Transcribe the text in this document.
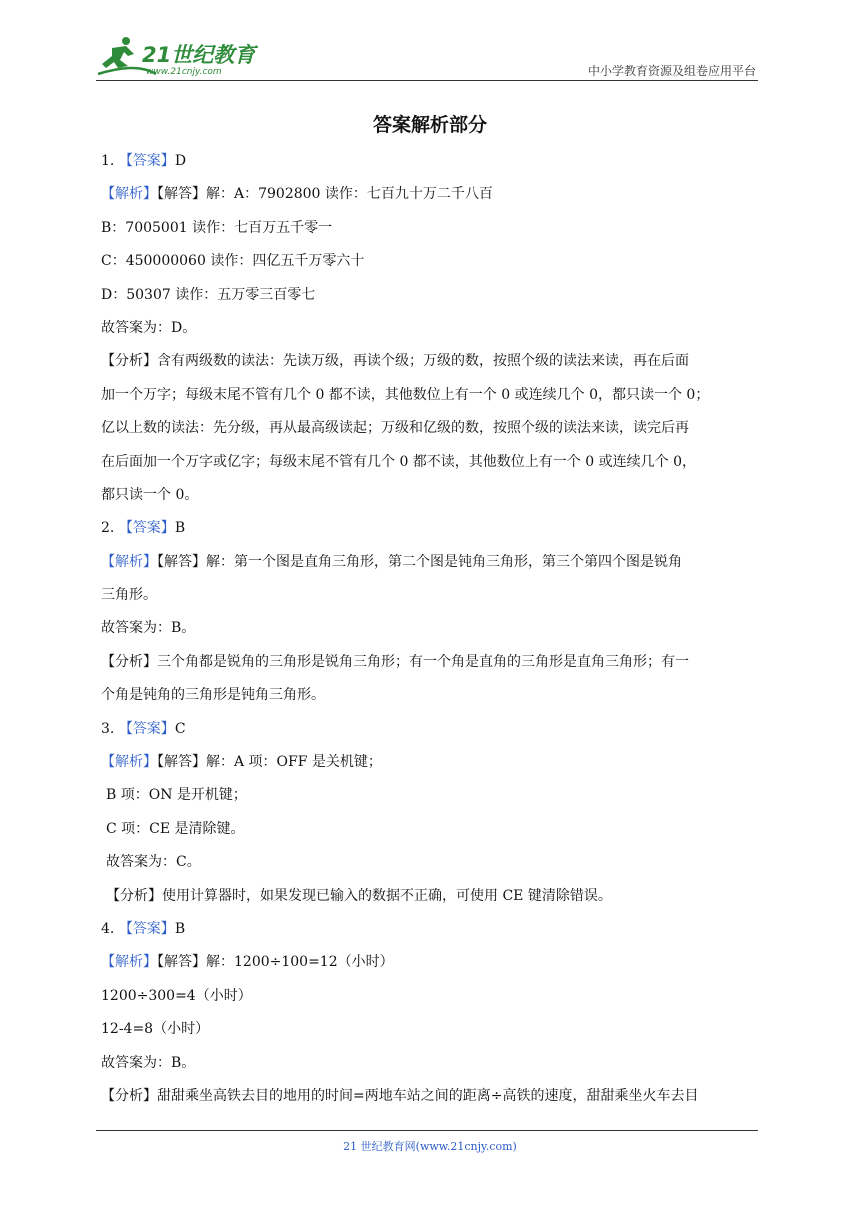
21世纪教育
www.21cnjy.com	中小学教育资源及组卷应用平台
答案解析部分
1. 【答案】D
【解析】【解答】解：A：7902800 读作：七百九十万二千八百
B：7005001 读作：七百万五千零一
C：450000060 读作：四亿五千万零六十
D：50307 读作：五万零三百零七
故答案为：D。
【分析】含有两级数的读法：先读万级，再读个级；万级的数，按照个级的读法来读，再在后面
加一个万字；每级末尾不管有几个 0 都不读，其他数位上有一个 0 或连续几个 0，都只读一个 0；
亿以上数的读法：先分级，再从最高级读起；万级和亿级的数，按照个级的读法来读，读完后再
在后面加一个万字或亿字；每级末尾不管有几个 0 都不读，其他数位上有一个 0 或连续几个 0，
都只读一个 0。
2. 【答案】B
【解析】【解答】解：第一个图是直角三角形，第二个图是钝角三角形，第三个第四个图是锐角
三角形。
故答案为：B。
【分析】三个角都是锐角的三角形是锐角三角形；有一个角是直角的三角形是直角三角形；有一
个角是钝角的三角形是钝角三角形。
3. 【答案】C
【解析】【解答】解：A 项：OFF 是关机键；
B 项：ON 是开机键；
C 项：CE 是清除键。
故答案为：C。
【分析】使用计算器时，如果发现已输入的数据不正确，可使用 CE 键清除错误。
4. 【答案】B
【解析】【解答】解：1200÷100=12（小时）
1200÷300=4（小时）
12-4=8（小时）
故答案为：B。
【分析】甜甜乘坐高铁去目的地用的时间=两地车站之间的距离÷高铁的速度，甜甜乘坐火车去目
21 世纪教育网(www.21cnjy.com)
